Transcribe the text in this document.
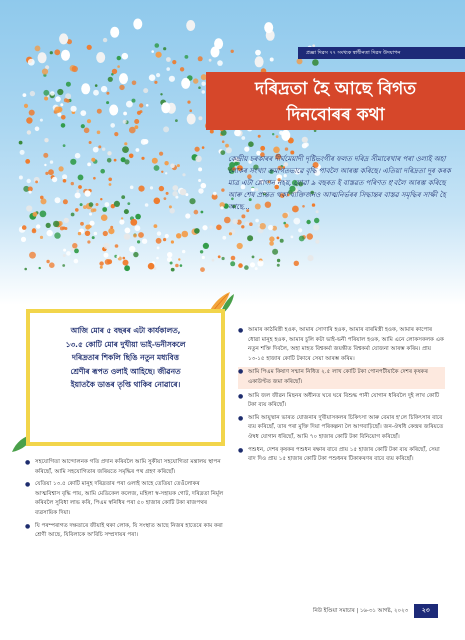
প্ৰজ্ঞা দিৱস ৭৭ সংখ্যক স্বাধীনতা দিৱস উদযাপন
দৰিদ্ৰতা হৈ আছে বিগত
দিনবোৰৰ কথা
কেন্দ্ৰীয় চৰকাৰৰ দীৰ্ঘমেয়াদী দৃষ্টিভংগীৰ ফলত দৰিদ্ৰ সীমাৰেখাৰ পৰা ওলাই অহা লোকৰ সংখ্যা ক্ৰমাগতভাৱে বৃদ্ধি পাবলৈ আৰম্ভ কৰিছে। এতিয়া দৰিদ্ৰতা দূৰ কৰক মাত্ৰ এটা শ্লোগান নহয়, যোৱা ৯ বছৰত ই বাস্তৱত পৰিণত হ'বলৈ আৰম্ভ কৰিছে আৰু শেষ প্ৰান্তত থকা ব্যক্তিজনও আত্মনিৰ্ভৰৰ সিদ্ধান্তৰ বাস্তৱ সমৃদ্ধিৰ সাক্ষী হৈ আছে...
আজি মোৰ ৫ বছৰৰ এটা কাৰ্যকালত,
১৩.৫ কোটি মোৰ দুখীয়া ভাই-ভনীসকলে
দৰিদ্ৰতাৰ শিকলি ছিঙি নতুন মধ্যবিত্ত
শ্ৰেণীৰ ৰূপত ওলাই আহিছে। জীৱনত
ইয়াতকৈ ডাঙৰ তৃপ্তি থাকিব নোৱাৰে।
● সহযোগিতা আন্দোলনক গতি প্ৰদান কৰিবলৈ আমি সুকীয়া সহযোগিতা মন্ত্ৰালয় স্থাপন কৰিছোঁ, আমি সহযোগিতাৰ জৰিয়তে সমৃদ্ধিৰ পথ গ্ৰহণ কৰিছোঁ।
● যেতিয়া ১৩.৫ কোটি মানুহ দৰিদ্ৰতাৰ পৰা ওলাই আহে তেতিয়া তেওঁলোকৰ আত্মবিশ্বাস বৃদ্ধি পায়, আমি মেডিকেল কলেজ, মহিলা স্ব-সহায়ক গোট, দৰিদ্ৰতা নিৰ্মূল কৰিবলৈ সুবিধা লাভ কৰি, পিএম স্বনিধিৰ পৰা ৫০ হাজাৰ কোটি টকা ৰাজপথৰ ব্যৱসায়িক দিয়া।
● যি পৰম্পৰাগত দক্ষতাৰে জীয়াই থকা লোক, যি সংস্থাত আছে নিজৰ হাতেৰে কাম কৰা শ্ৰেণী আছে, যিবিলাকে অ'বিচি সম্প্ৰদায়ৰ পৰা।
● আমাৰ কাঠমিস্ত্ৰী হওক, আমাৰ সোণাৰি হওক, আমাৰ বাৰমিস্ত্ৰী হওক, আমাৰ কাপোৰ ধোৱা মানুহ হওক, আমাৰ চুলি কটা ভাই-ভনী পৰিয়াল হওক, আমি এনে লোকসকলক এক নতুন শক্তি দিবলৈ, অহা মাহত বিশ্বকৰ্মা জয়ন্তীত বিশ্বকৰ্মা যোজনা আৰম্ভ কৰিম। প্ৰায় ১৩-১৫ হাজাৰ কোটি টকাৰে সেয়া আৰম্ভ কৰিম।
● আমি পিএম কিষাণ সন্মান নিধিত ২.৫ লাখ কোটি টকা পোনপটীয়াকৈ দেশৰ কৃষকৰ একাউণ্টত জমা কৰিছোঁ।
● আমি জল জীৱন মিছনৰ অধীনত ঘৰে ঘৰে বিশুদ্ধ পানী যোগান ধৰিবলৈ দুই লাখ কোটি টকা ব্যয় কৰিছোঁ।
● আমি আয়ুষ্মান ভাৰত যোজনাৰ দুখীয়াসকলৰ চিকিৎসা আৰু বেমাৰ হ'লে চিকিৎসাৰ বাবে ব্যয় কৰিছোঁ, তাৰ পৰা মুক্তি দিয়া পৰিকল্পনা লৈ আগবাঢ়িছোঁ। জন-ঔষধি কেন্দ্ৰৰ জৰিয়তে ঔষধ যোগান ধৰিছোঁ, আমি ৭০ হাজাৰ কোটি টকা বিনিয়োগ কৰিছোঁ।
● পশুধন, দেশৰ কৃষকৰ পশুধন ৰক্ষাৰ বাবে প্ৰায় ১৫ হাজাৰ কোটি টকা ব্যয় কৰিছোঁ, সেয়া বাদ দিও প্ৰায় ১৫ হাজাৰ কোটি টকা পশুধনৰ টিকাকৰণৰ বাবে ব্যয় কৰিছোঁ।
নিউ ইণ্ডিয়া সমাচাৰ | ১৬-৩১ আগষ্ট, ২০২৩ ২৩
